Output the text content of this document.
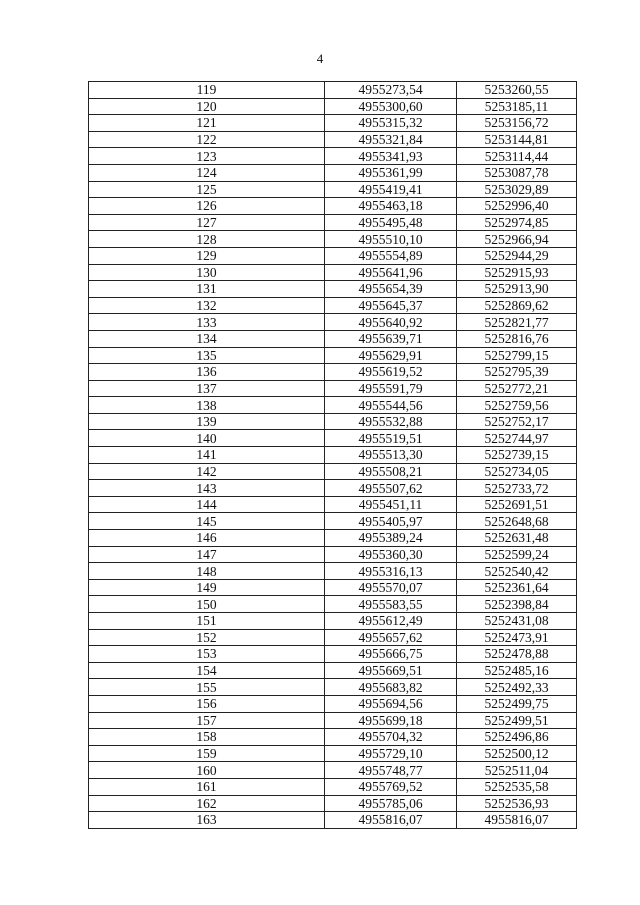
4
119	4955273,54	5253260,55
120	4955300,60	5253185,11
121	4955315,32	5253156,72
122	4955321,84	5253144,81
123	4955341,93	5253114,44
124	4955361,99	5253087,78
125	4955419,41	5253029,89
126	4955463,18	5252996,40
127	4955495,48	5252974,85
128	4955510,10	5252966,94
129	4955554,89	5252944,29
130	4955641,96	5252915,93
131	4955654,39	5252913,90
132	4955645,37	5252869,62
133	4955640,92	5252821,77
134	4955639,71	5252816,76
135	4955629,91	5252799,15
136	4955619,52	5252795,39
137	4955591,79	5252772,21
138	4955544,56	5252759,56
139	4955532,88	5252752,17
140	4955519,51	5252744,97
141	4955513,30	5252739,15
142	4955508,21	5252734,05
143	4955507,62	5252733,72
144	4955451,11	5252691,51
145	4955405,97	5252648,68
146	4955389,24	5252631,48
147	4955360,30	5252599,24
148	4955316,13	5252540,42
149	4955570,07	5252361,64
150	4955583,55	5252398,84
151	4955612,49	5252431,08
152	4955657,62	5252473,91
153	4955666,75	5252478,88
154	4955669,51	5252485,16
155	4955683,82	5252492,33
156	4955694,56	5252499,75
157	4955699,18	5252499,51
158	4955704,32	5252496,86
159	4955729,10	5252500,12
160	4955748,77	5252511,04
161	4955769,52	5252535,58
162	4955785,06	5252536,93
163	4955816,07	4955816,07
